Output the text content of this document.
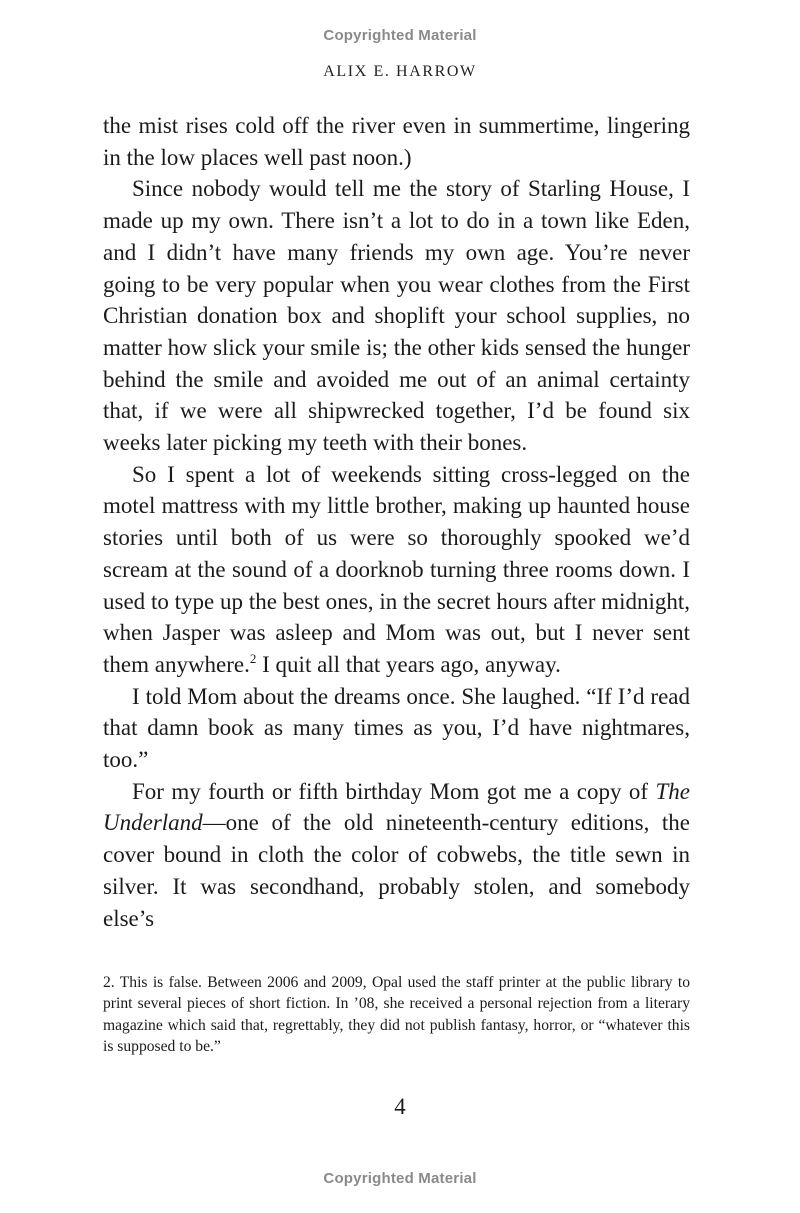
Copyrighted Material
ALIX E. HARROW

the mist rises cold off the river even in summertime, lingering in the low places well past noon.)

Since nobody would tell me the story of Starling House, I made up my own. There isn’t a lot to do in a town like Eden, and I didn’t have many friends my own age. You’re never going to be very popular when you wear clothes from the First Christian donation box and shoplift your school supplies, no matter how slick your smile is; the other kids sensed the hunger behind the smile and avoided me out of an animal certainty that, if we were all shipwrecked together, I’d be found six weeks later picking my teeth with their bones.

So I spent a lot of weekends sitting cross-legged on the motel mattress with my little brother, making up haunted house stories until both of us were so thoroughly spooked we’d scream at the sound of a doorknob turning three rooms down. I used to type up the best ones, in the secret hours after midnight, when Jasper was asleep and Mom was out, but I never sent them anywhere.$^2$ I quit all that years ago, anyway.

I told Mom about the dreams once. She laughed. “If I’d read that damn book as many times as you, I’d have nightmares, too.”

For my fourth or fifth birthday Mom got me a copy of The Underland—one of the old nineteenth-century editions, the cover bound in cloth the color of cobwebs, the title sewn in silver. It was secondhand, probably stolen, and somebody else’s

2. This is false. Between 2006 and 2009, Opal used the staff printer at the public library to print several pieces of short fiction. In ’08, she received a personal rejection from a literary magazine which said that, regrettably, they did not publish fantasy, horror, or “whatever this is supposed to be.”

4
Copyrighted Material
